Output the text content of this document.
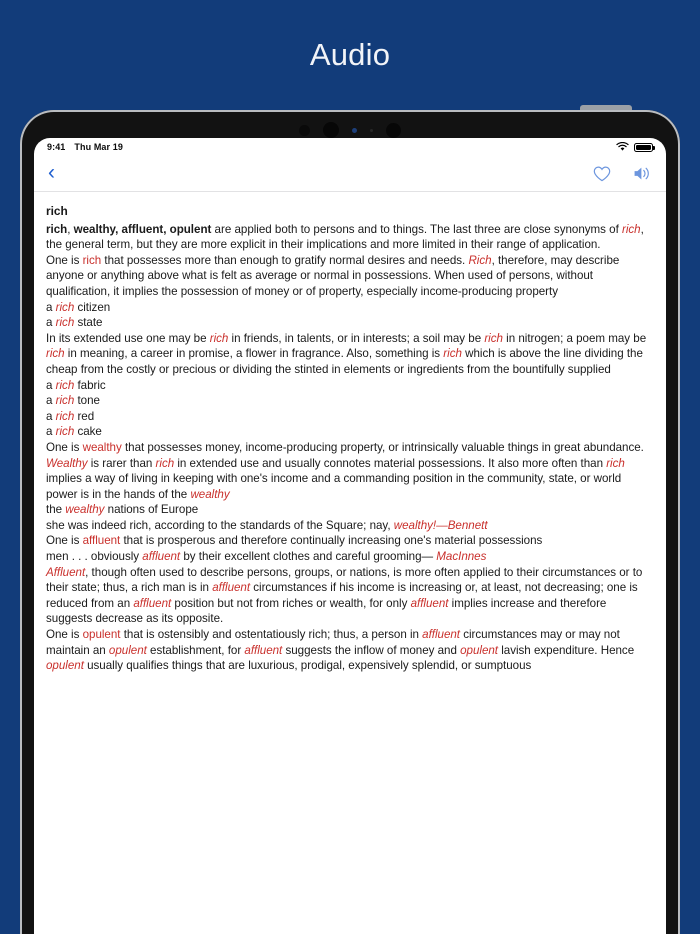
Audio
9:41 Thu Mar 19
‹
rich
rich, wealthy, affluent, opulent are applied both to persons and to things. The last three are close synonyms of rich, the general term, but they are more explicit in their implications and more limited in their range of application.
One is rich that possesses more than enough to gratify normal desires and needs. Rich, therefore, may describe anyone or anything above what is felt as average or normal in possessions. When used of persons, without qualification, it implies the possession of money or of property, especially income-producing property
a rich citizen
a rich state
In its extended use one may be rich in friends, in talents, or in interests; a soil may be rich in nitrogen; a poem may be rich in meaning, a career in promise, a flower in fragrance. Also, something is rich which is above the line dividing the cheap from the costly or precious or dividing the stinted in elements or ingredients from the bountifully supplied
a rich fabric
a rich tone
a rich red
a rich cake
One is wealthy that possesses money, income-producing property, or intrinsically valuable things in great abundance. Wealthy is rarer than rich in extended use and usually connotes material possessions. It also more often than rich implies a way of living in keeping with one's income and a commanding position in the community, state, or world
power is in the hands of the wealthy
the wealthy nations of Europe
she was indeed rich, according to the standards of the Square; nay, wealthy!—Bennett
One is affluent that is prosperous and therefore continually increasing one's material possessions
men . . . obviously affluent by their excellent clothes and careful grooming— MacInnes
Affluent, though often used to describe persons, groups, or nations, is more often applied to their circumstances or to their state; thus, a rich man is in affluent circumstances if his income is increasing or, at least, not decreasing; one is reduced from an affluent position but not from riches or wealth, for only affluent implies increase and therefore suggests decrease as its opposite.
One is opulent that is ostensibly and ostentatiously rich; thus, a person in affluent circumstances may or may not maintain an opulent establishment, for affluent suggests the inflow of money and opulent lavish expenditure. Hence opulent usually qualifies things that are luxurious, prodigal, expensively splendid, or sumptuous
